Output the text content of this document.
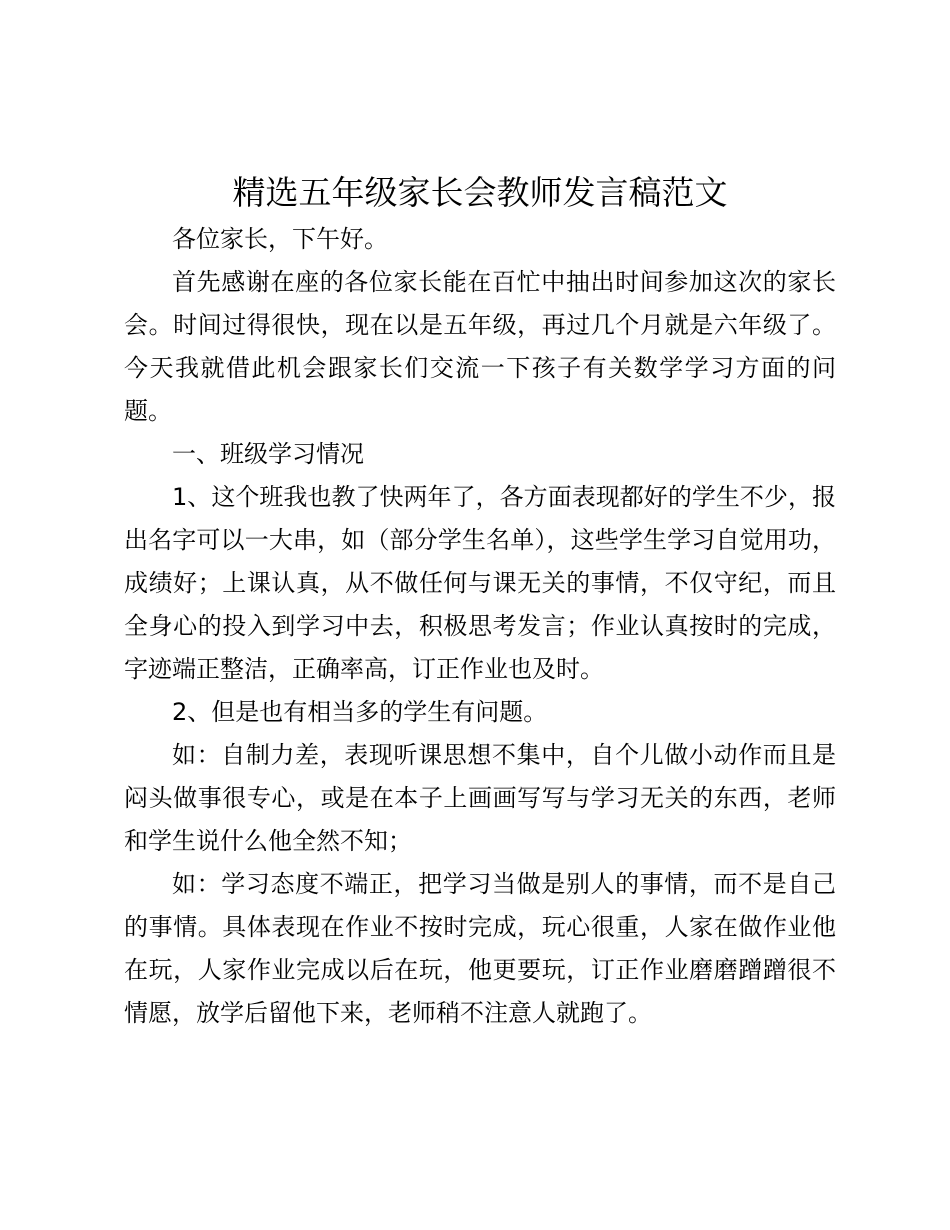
精选五年级家长会教师发言稿范文

各位家长，下午好。

首先感谢在座的各位家长能在百忙中抽出时间参加这次的家长会。时间过得很快，现在以是五年级，再过几个月就是六年级了。今天我就借此机会跟家长们交流一下孩子有关数学学习方面的问题。

一、班级学习情况

1、这个班我也教了快两年了，各方面表现都好的学生不少，报出名字可以一大串，如（部分学生名单），这些学生学习自觉用功，成绩好；上课认真，从不做任何与课无关的事情，不仅守纪，而且全身心的投入到学习中去，积极思考发言；作业认真按时的完成，字迹端正整洁，正确率高，订正作业也及时。

2、但是也有相当多的学生有问题。

如：自制力差，表现听课思想不集中，自个儿做小动作而且是闷头做事很专心，或是在本子上画画写写与学习无关的东西，老师和学生说什么他全然不知；

如：学习态度不端正，把学习当做是别人的事情，而不是自己的事情。具体表现在作业不按时完成，玩心很重，人家在做作业他在玩，人家作业完成以后在玩，他更要玩，订正作业磨磨蹭蹭很不情愿，放学后留他下来，老师稍不注意人就跑了。
